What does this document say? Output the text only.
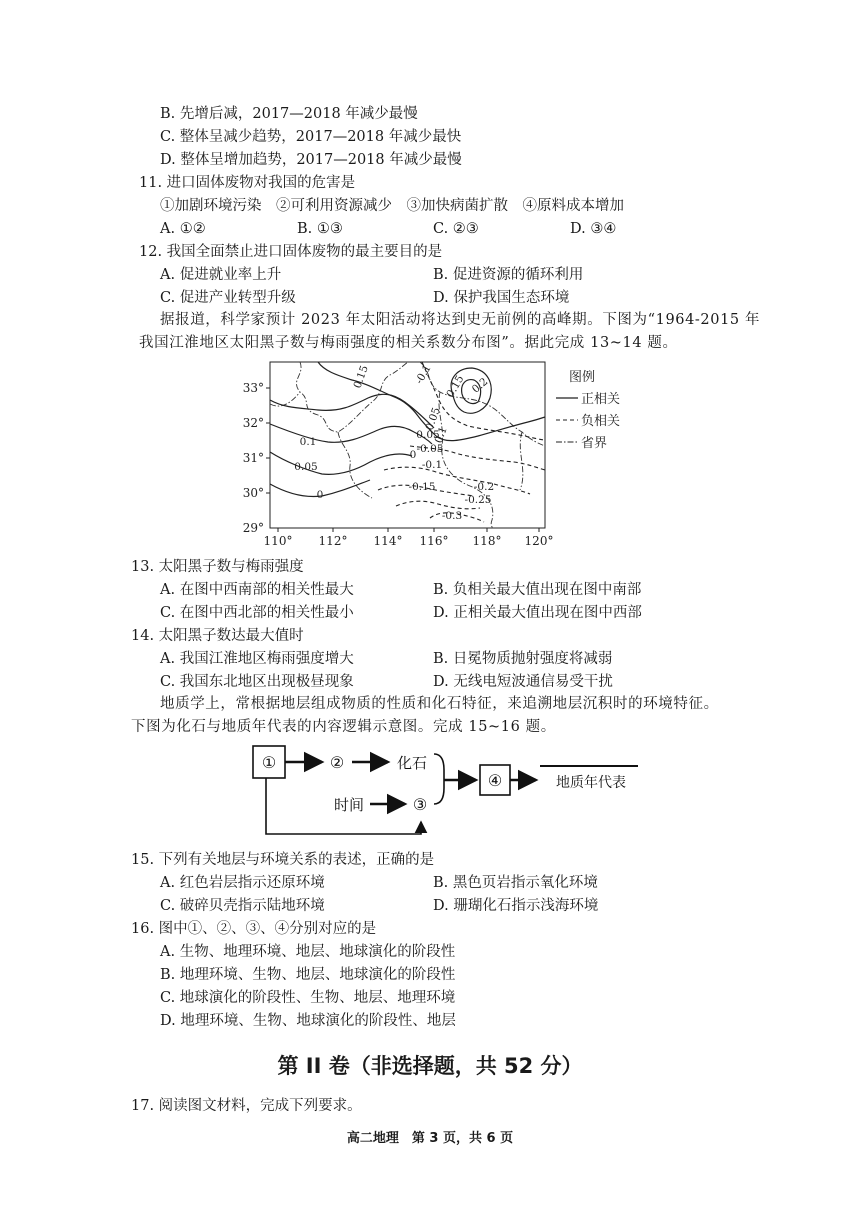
B. 先增后减，2017—2018 年减少最慢
C. 整体呈减少趋势，2017—2018 年减少最快
D. 整体呈增加趋势，2017—2018 年减少最慢
11. 进口固体废物对我国的危害是
①加剧环境污染　②可利用资源减少　③加快病菌扩散　④原料成本增加
A. ①②	B. ①③	C. ②③	D. ③④
12. 我国全面禁止进口固体废物的最主要目的是
A. 促进就业率上升	B. 促进资源的循环利用
C. 促进产业转型升级	D. 保护我国生态环境
据报道，科学家预计 2023 年太阳活动将达到史无前例的高峰期。下图为“1964-2015 年
我国江淮地区太阳黑子数与梅雨强度的相关系数分布图”。据此完成 13~14 题。
0.15	-0.1 0.15 0.2
0.1
0.05
0.05
-0.05
0.1
-0.1
0.05
-0.15	-0.2
0	-0.25
0
-0.3
33°
32°
31°
30°
29°
110° 112° 114° 116° 118° 120°
图例
正相关
负相关
省界
13. 太阳黑子数与梅雨强度
A. 在图中西南部的相关性最大	B. 负相关最大值出现在图中南部
C. 在图中西北部的相关性最小	D. 正相关最大值出现在图中西部
14. 太阳黑子数达最大值时
A. 我国江淮地区梅雨强度增大	B. 日冕物质抛射强度将减弱
C. 我国东北地区出现极昼现象	D. 无线电短波通信易受干扰
地质学上，常根据地层组成物质的性质和化石特征，来追溯地层沉积时的环境特征。
下图为化石与地质年代表的内容逻辑示意图。完成 15~16 题。
①	②	化石
时间	③
④	地质年代表
15. 下列有关地层与环境关系的表述，正确的是
A. 红色岩层指示还原环境	B. 黑色页岩指示氧化环境
C. 破碎贝壳指示陆地环境	D. 珊瑚化石指示浅海环境
16. 图中①、②、③、④分别对应的是
A. 生物、地理环境、地层、地球演化的阶段性
B. 地理环境、生物、地层、地球演化的阶段性
C. 地球演化的阶段性、生物、地层、地理环境
D. 地理环境、生物、地球演化的阶段性、地层
第 II 卷（非选择题，共 52 分）
17. 阅读图文材料，完成下列要求。
高二地理　第 3 页，共 6 页
